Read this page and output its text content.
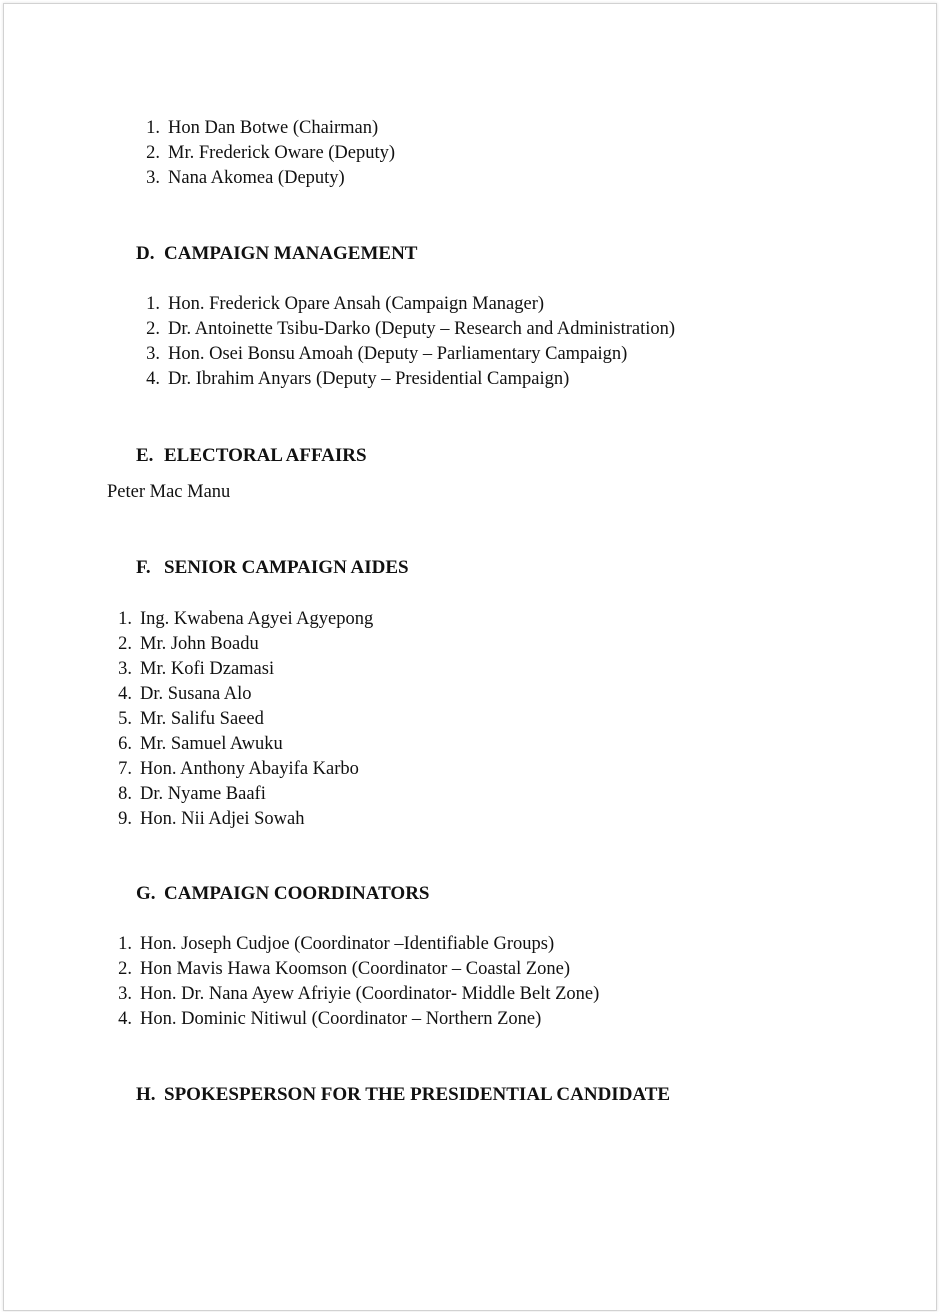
1. Hon Dan Botwe (Chairman)
2. Mr. Frederick Oware (Deputy)
3. Nana Akomea (Deputy)
D. CAMPAIGN MANAGEMENT
1. Hon. Frederick Opare Ansah (Campaign Manager)
2. Dr. Antoinette Tsibu-Darko (Deputy – Research and Administration)
3. Hon. Osei Bonsu Amoah (Deputy – Parliamentary Campaign)
4. Dr. Ibrahim Anyars (Deputy – Presidential Campaign)
E. ELECTORAL AFFAIRS
Peter Mac Manu
F. SENIOR CAMPAIGN AIDES
1. Ing. Kwabena Agyei Agyepong
2. Mr. John Boadu
3. Mr. Kofi Dzamasi
4. Dr. Susana Alo
5. Mr. Salifu Saeed
6. Mr. Samuel Awuku
7. Hon. Anthony Abayifa Karbo
8. Dr. Nyame Baafi
9. Hon. Nii Adjei Sowah
G. CAMPAIGN COORDINATORS
1. Hon. Joseph Cudjoe (Coordinator –Identifiable Groups)
2. Hon Mavis Hawa Koomson (Coordinator – Coastal Zone)
3. Hon. Dr. Nana Ayew Afriyie (Coordinator- Middle Belt Zone)
4. Hon. Dominic Nitiwul (Coordinator – Northern Zone)
H. SPOKESPERSON FOR THE PRESIDENTIAL CANDIDATE
